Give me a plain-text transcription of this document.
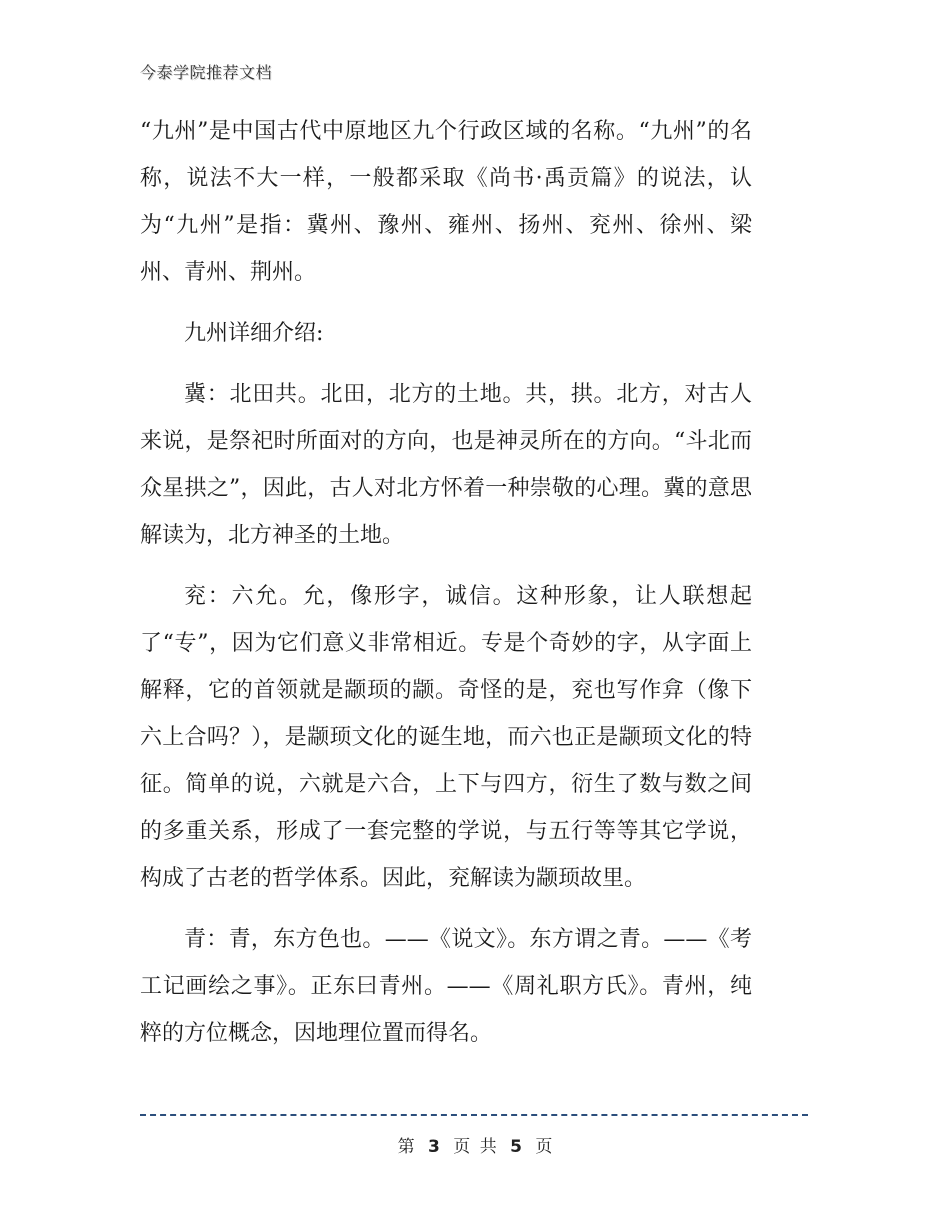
今泰学院推荐文档

“九州”是中国古代中原地区九个行政区域的名称。“九州”的名称，说法不大一样，一般都采取《尚书·禹贡篇》的说法，认为“九州”是指：冀州、豫州、雍州、扬州、兖州、徐州、梁州、青州、荆州。

九州详细介绍:

冀：北田共。北田，北方的土地。共，拱。北方，对古人来说，是祭祀时所面对的方向，也是神灵所在的方向。“斗北而众星拱之”，因此，古人对北方怀着一种崇敬的心理。冀的意思解读为，北方神圣的土地。

兖：六允。允，像形字，诚信。这种形象，让人联想起了“专”，因为它们意义非常相近。专是个奇妙的字，从字面上解释，它的首领就是颛顼的颛。奇怪的是，兖也写作弇（像下六上合吗？），是颛顼文化的诞生地，而六也正是颛顼文化的特征。简单的说，六就是六合，上下与四方，衍生了数与数之间的多重关系，形成了一套完整的学说，与五行等等其它学说，构成了古老的哲学体系。因此，兖解读为颛顼故里。

青：青，东方色也。——《说文》。东方谓之青。——《考工记画绘之事》。正东曰青州。——《周礼职方氏》。青州，纯粹的方位概念，因地理位置而得名。

第 3 页 共 5 页
